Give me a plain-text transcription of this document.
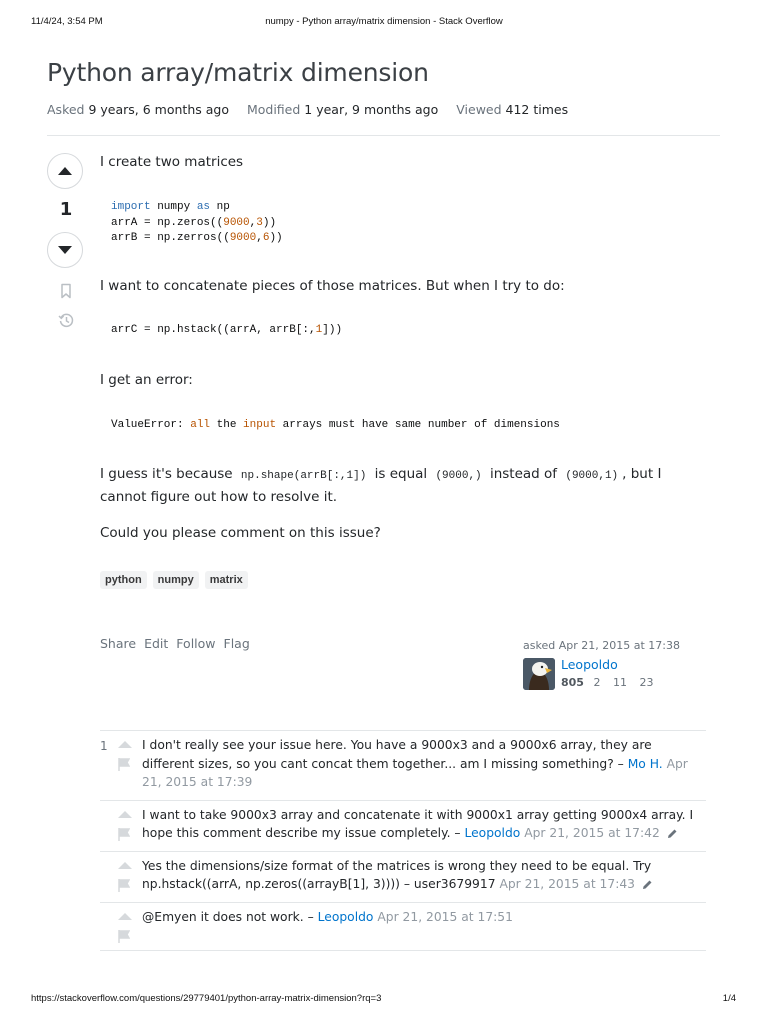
11/4/24, 3:54 PM	numpy - Python array/matrix dimension - Stack Overflow
Python array/matrix dimension
Asked 9 years, 6 months ago Modified 1 year, 9 months ago Viewed 412 times
1

I create two matrices

import numpy as np
arrA = np.zeros((9000,3))
arrB = np.zerros((9000,6))

I want to concatenate pieces of those matrices. But when I try to do:

arrC = np.hstack((arrA, arrB[:,1]))

I get an error:

ValueError: all the input arrays must have same number of dimensions

I guess it's because np.shape(arrB[:,1]) is equal (9000,) instead of (9000,1) , but I cannot figure out how to resolve it.

Could you please comment on this issue?

python	numpy	matrix
Share Edit Follow Flag	asked Apr 21, 2015 at 17:38
Leopoldo
805 2 11 23
1	I don't really see your issue here. You have a 9000x3 and a 9000x6 array, they are different sizes, so you cant concat them together... am I missing something? – Mo H. Apr 21, 2015 at 17:39
I want to take 9000x3 array and concatenate it with 9000x1 array getting 9000x4 array. I hope this comment describe my issue completely. – Leopoldo Apr 21, 2015 at 17:42
Yes the dimensions/size format of the matrices is wrong they need to be equal. Try np.hstack((arrA, np.zeros((arrayB[1], 3)))) – user3679917 Apr 21, 2015 at 17:43
@Emyen it does not work. – Leopoldo Apr 21, 2015 at 17:51
https://stackoverflow.com/questions/29779401/python-array-matrix-dimension?rq=3	1/4
